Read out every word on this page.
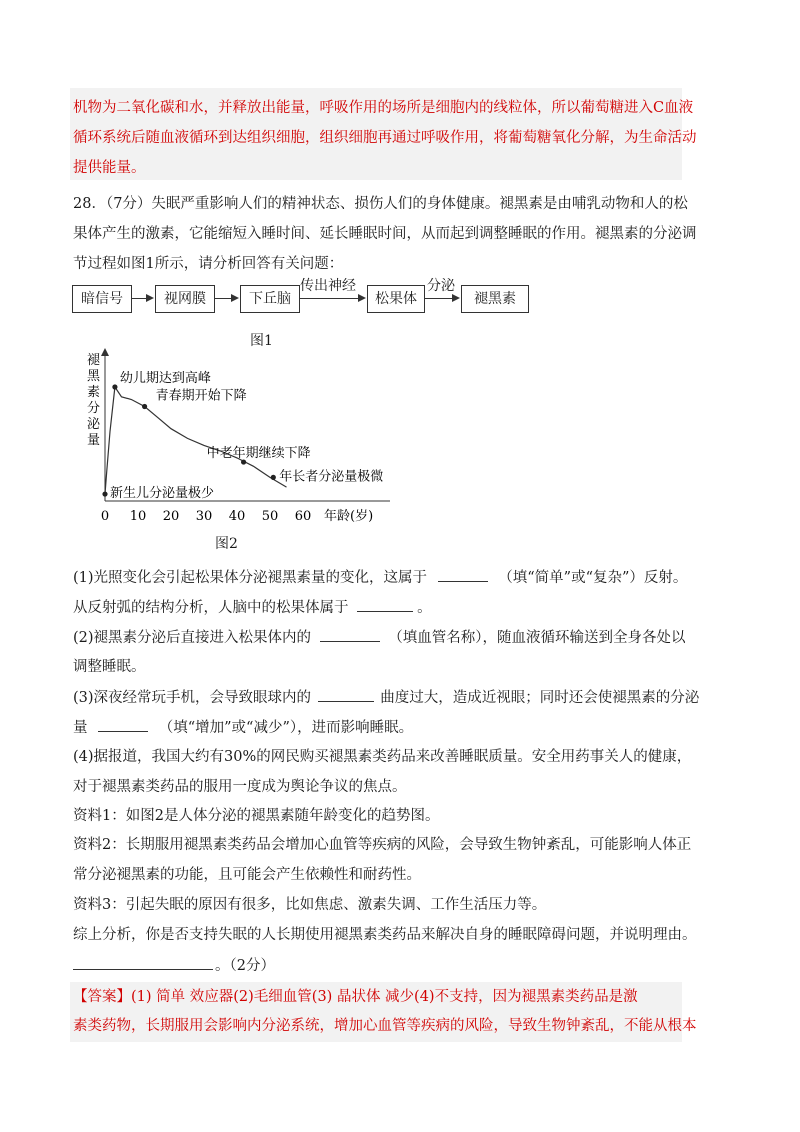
机物为二氧化碳和水，并释放出能量，呼吸作用的场所是细胞内的线粒体，所以葡萄糖进入C血液
循环系统后随血液循环到达组织细胞，组织细胞再通过呼吸作用，将葡萄糖氧化分解，为生命活动
提供能量。
28．（7分）失眠严重影响人们的精神状态、损伤人们的身体健康。褪黑素是由哺乳动物和人的松
果体产生的激素，它能缩短入睡时间、延长睡眠时间，从而起到调整睡眠的作用。褪黑素的分泌调
节过程如图1所示，请分析回答有关问题：
暗信号	视网膜	下丘脑
传出神经
松果体
分泌
褪黑素
图1
褪
黑
素
分
泌
量
0 10 20 30 40 50 60 年龄(岁)
新生儿分泌量极少
幼儿期达到高峰
青春期开始下降
中老年期继续下降
年长者分泌量极微
图2
(1)光照变化会引起松果体分泌褪黑素量的变化，这属于	（填“简单”或“复杂”）反射。
从反射弧的结构分析，人脑中的松果体属于	。
(2)褪黑素分泌后直接进入松果体内的	（填血管名称），随血液循环输送到全身各处以
调整睡眠。
(3)深夜经常玩手机，会导致眼球内的	曲度过大，造成近视眼；同时还会使褪黑素的分泌
量	（填“增加”或“减少”），进而影响睡眠。
(4)据报道，我国大约有30%的网民购买褪黑素类药品来改善睡眠质量。安全用药事关人的健康，
对于褪黑素类药品的服用一度成为舆论争议的焦点。
资料1：如图2是人体分泌的褪黑素随年龄变化的趋势图。
资料2：长期服用褪黑素类药品会增加心血管等疾病的风险，会导致生物钟紊乱，可能影响人体正
常分泌褪黑素的功能，且可能会产生依赖性和耐药性。
资料3：引起失眠的原因有很多，比如焦虑、激素失调、工作生活压力等。
综上分析，你是否支持失眠的人长期使用褪黑素类药品来解决自身的睡眠障碍问题，并说明理由。
。（2分）
【答案】(1) 简单 效应器(2)毛细血管(3) 晶状体 减少(4)不支持，因为褪黑素类药品是激
素类药物，长期服用会影响内分泌系统，增加心血管等疾病的风险，导致生物钟紊乱，不能从根本
